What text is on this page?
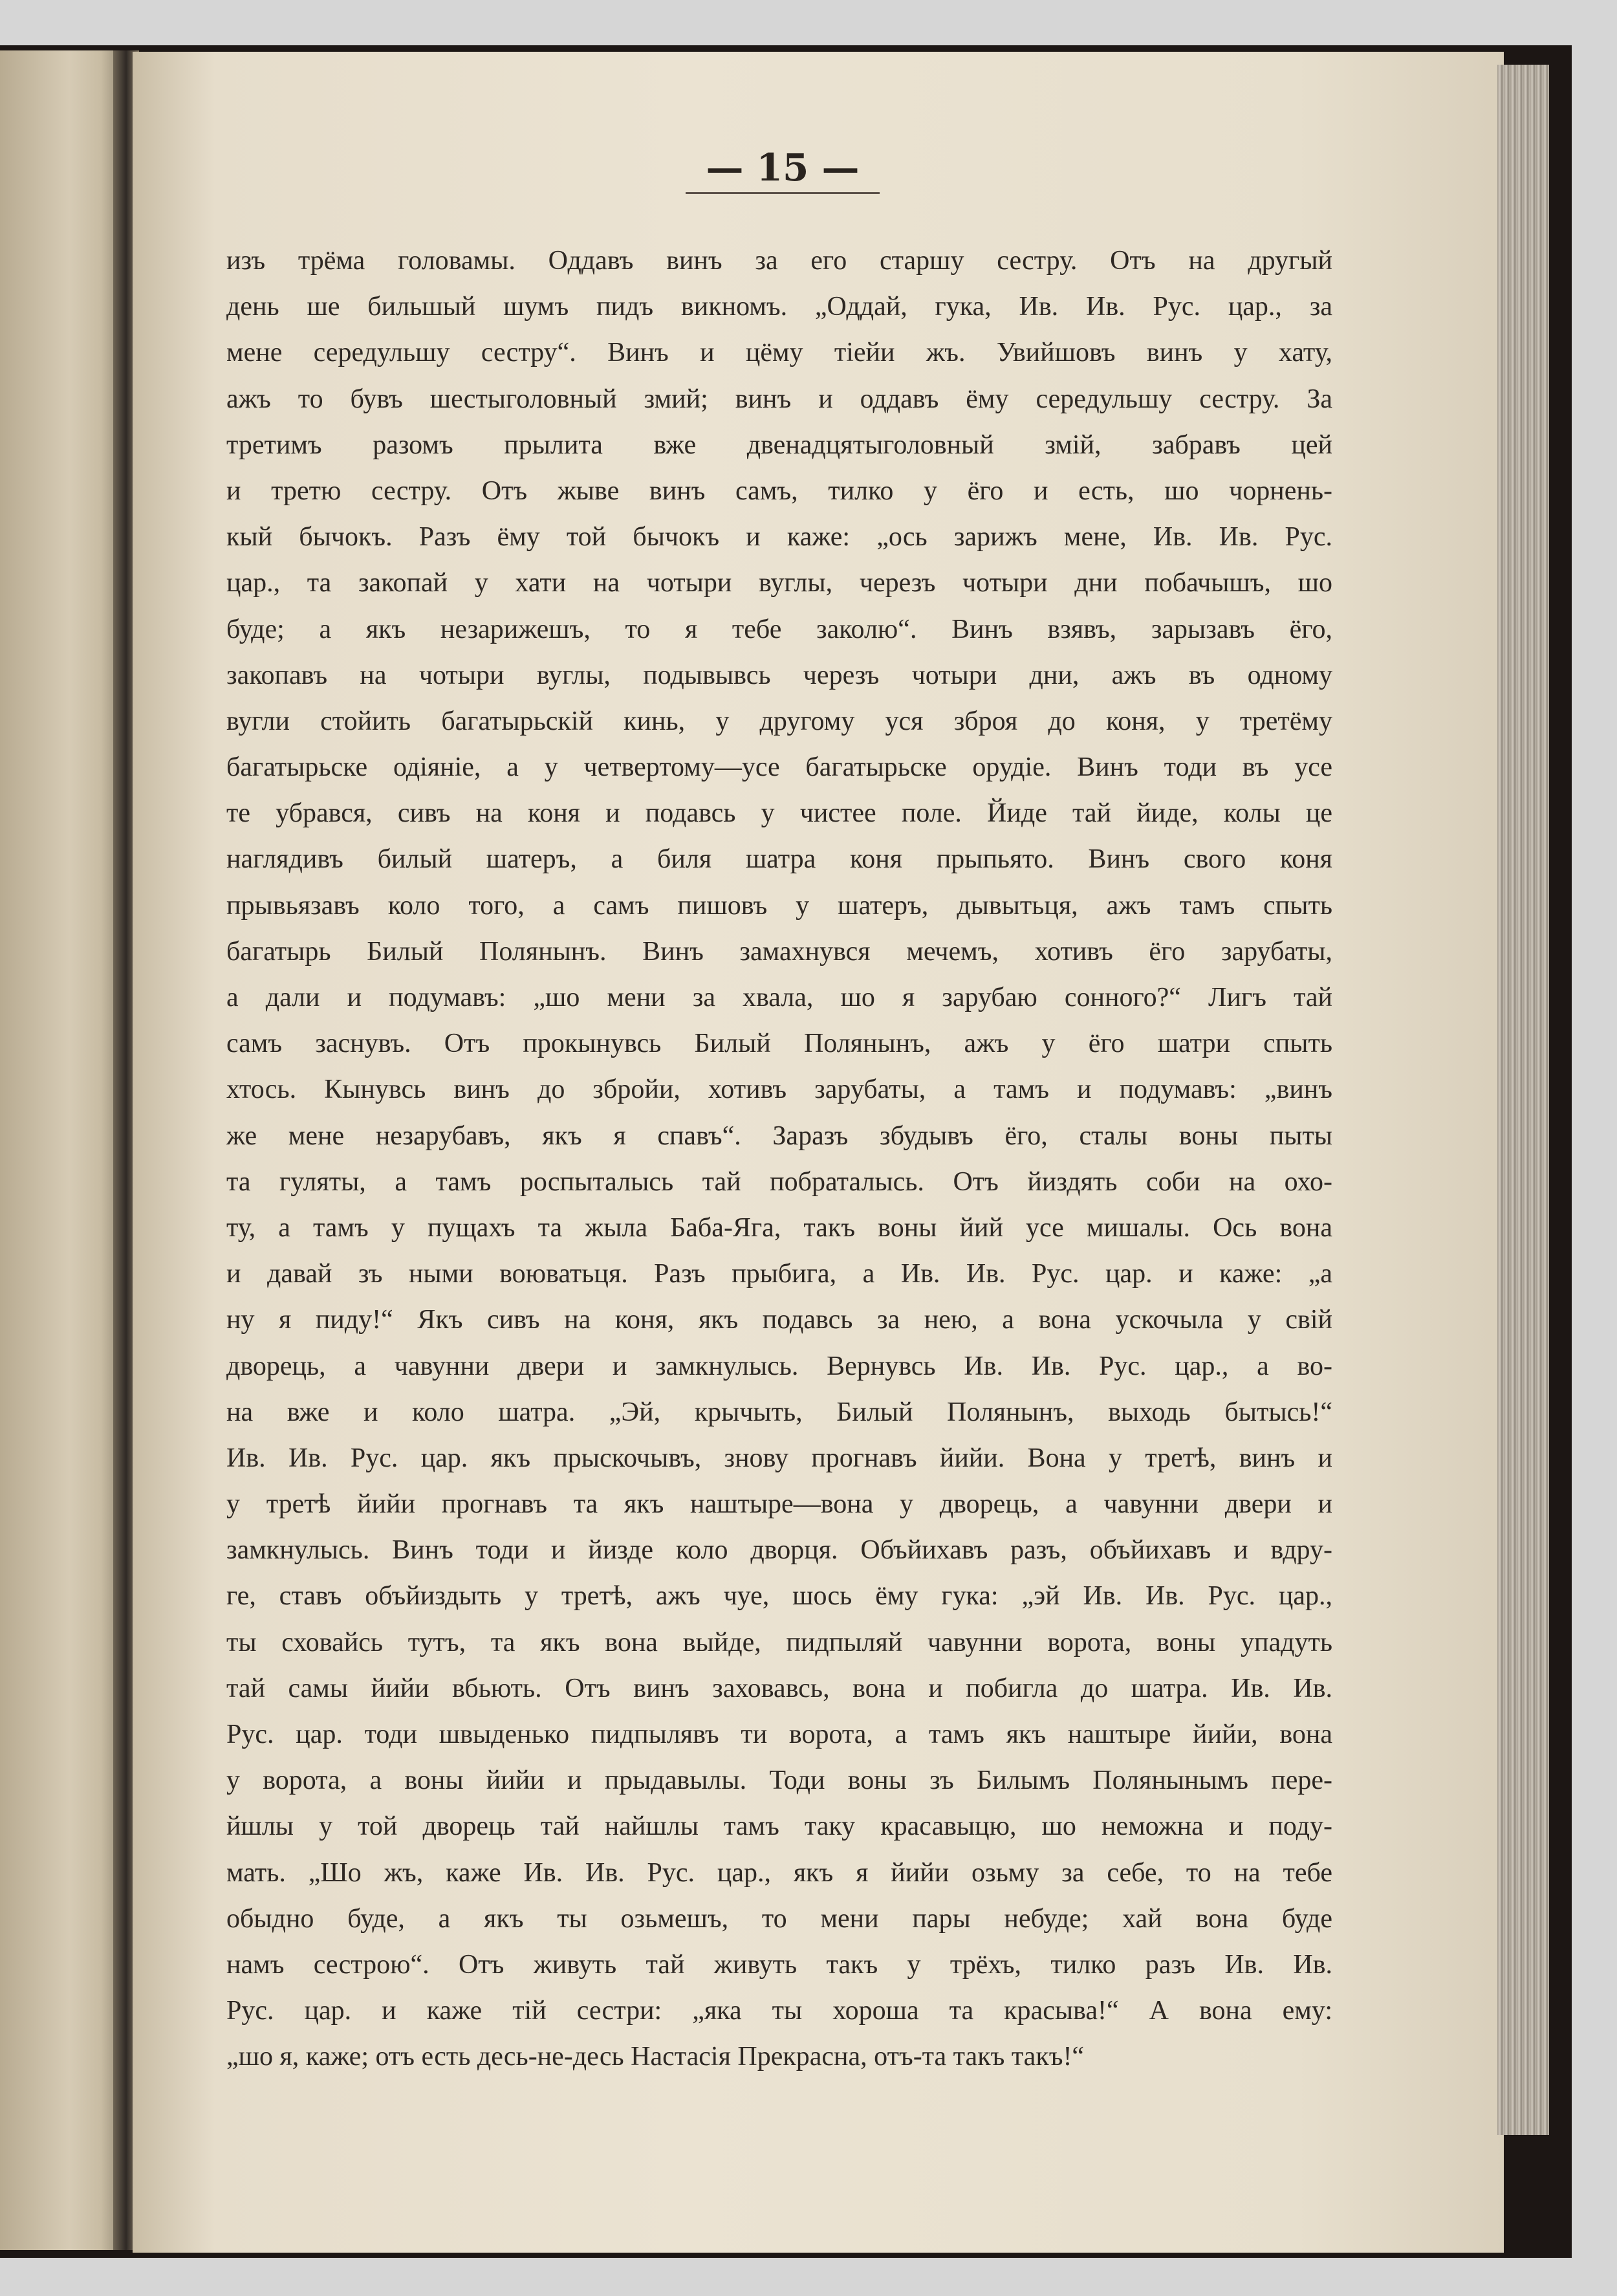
— 15 —
изъ трёма головамы. Оддавъ винъ за его старшу сестру. Отъ на другый
день ше бильшый шумъ пидъ викномъ. „Оддай, гука, Ив. Ив. Рус. цар., за
мене середульшу сестру“. Винъ и цёму тіейи жъ. Увийшовъ винъ у хату,
ажъ то бувъ шестыголовный змий; винъ и оддавъ ёму середульшу сестру. За
третимъ разомъ прылита вже двенадцятыголовный змій, забравъ цей
и третю сестру. Отъ жыве винъ самъ, тилко у ёго и есть, шо чорнень-
кый бычокъ. Разъ ёму той бычокъ и каже: „ось зарижъ мене, Ив. Ив. Рус.
цар., та закопай у хати на чотыри вуглы, черезъ чотыри дни побачышъ, шо
буде; а якъ незарижешъ, то я тебе заколю“. Винъ взявъ, зарызавъ ёго,
закопавъ на чотыри вуглы, подывывсь черезъ чотыри дни, ажъ въ одному
вугли стойить багатырьскій кинь, у другому уся зброя до коня, у третёму
багатырьске одіяніе, а у четвертому—усе багатырьске орудіе. Винъ тоди въ усе
те убрався, сивъ на коня и подавсь у чистее поле. Йиде тай йиде, колы це
наглядивъ билый шатеръ, а биля шатра коня прыпьято. Винъ свого коня
прывьязавъ коло того, а самъ пишовъ у шатеръ, дывытьця, ажъ тамъ спыть
багатырь Билый Полянынъ. Винъ замахнувся мечемъ, хотивъ ёго зарубаты,
а дали и подумавъ: „шо мени за хвала, шо я зарубаю сонного?“ Лигъ тай
самъ заснувъ. Отъ прокынувсь Билый Полянынъ, ажъ у ёго шатри спыть
хтось. Кынувсь винъ до збройи, хотивъ зарубаты, а тамъ и подумавъ: „винъ
же мене незарубавъ, якъ я спавъ“. Заразъ збудывъ ёго, сталы воны пыты
та гуляты, а тамъ роспыталысь тай побраталысь. Отъ йиздять соби на охо-
ту, а тамъ у пущахъ та жыла Баба-Яга, такъ воны йий усе мишалы. Ось вона
и давай зъ ными воюватьця. Разъ прыбига, а Ив. Ив. Рус. цар. и каже: „а
ну я пиду!“ Якъ сивъ на коня, якъ подавсь за нею, а вона ускочыла у свій
дворець, а чавунни двери и замкнулысь. Вернувсь Ив. Ив. Рус. цар., а во-
на вже и коло шатра. „Эй, крычыть, Билый Полянынъ, выходь бытысь!“
Ив. Ив. Рус. цар. якъ прыскочывъ, знову прогнавъ йийи. Вона у третѣ, винъ и
у третѣ йийи прогнавъ та якъ наштыре—вона у дворець, а чавунни двери и
замкнулысь. Винъ тоди и йиздe коло дворця. Объйихавъ разъ, объйихавъ и вдру-
ге, ставъ объйиздыть у третѣ, ажъ чуе, шось ёму гука: „эй Ив. Ив. Рус. цар.,
ты сховайсь тутъ, та якъ вона выйде, пидпыляй чавунни ворота, воны упадуть
тай самы йийи вбьють. Отъ винъ заховавсь, вона и побигла до шатра. Ив. Ив.
Рус. цар. тоди швыденько пидпылявъ ти ворота, а тамъ якъ наштыре йийи, вона
у ворота, а воны йийи и прыдавылы. Тоди воны зъ Билымъ Полянынымъ пере-
йшлы у той дворець тай найшлы тамъ таку красавыцю, шо неможна и поду-
мать. „Шо жъ, каже Ив. Ив. Рус. цар., якъ я йийи озьму за себе, то на тебе
обыдно буде, а якъ ты озьмешъ, то мени пары небуде; хай вона буде
намъ сестрою“. Отъ живуть тай живуть такъ у трёхъ, тилко разъ Ив. Ив.
Рус. цар. и каже тій сестри: „яка ты хороша та красыва!“ А вона ему:
„шо я, каже; отъ есть десь-не-десь Настасія Прекрасна, отъ-та такъ такъ!“
